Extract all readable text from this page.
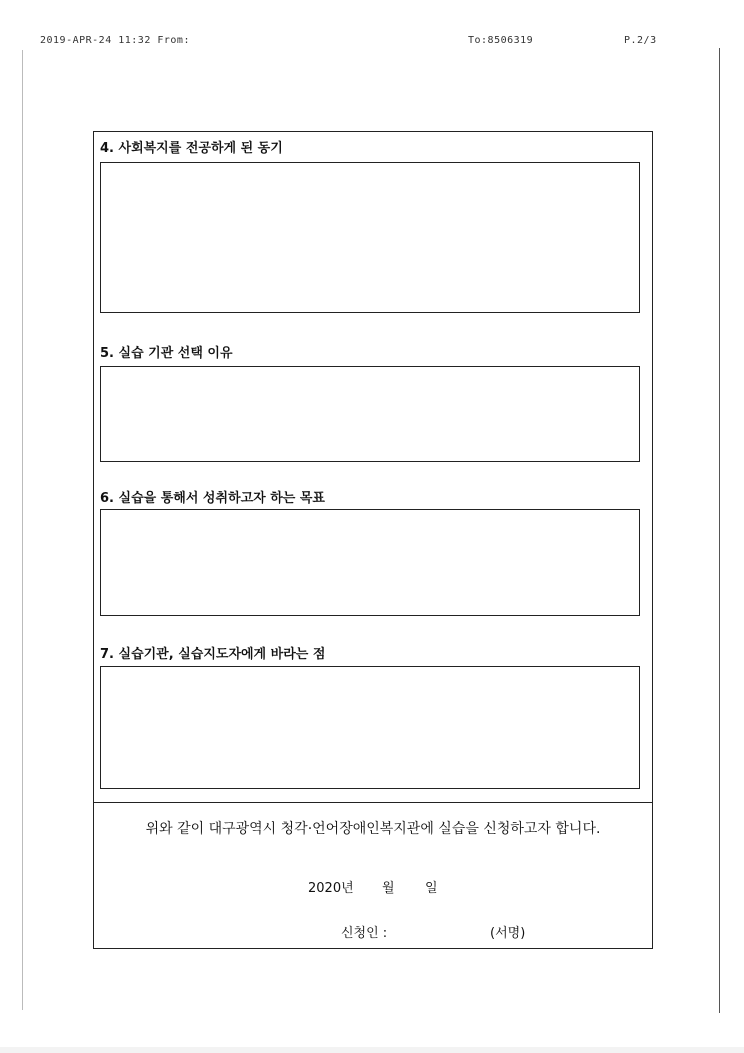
2019-APR-24 11:32 From:	To:8506319	P.2/3
4. 사회복지를 전공하게 된 동기
5. 실습 기관 선택 이유
6. 실습을 통해서 성취하고자 하는 목표
7. 실습기관, 실습지도자에게 바라는 점
위와 같이 대구광역시 청각·언어장애인복지관에 실습을 신청하고자 합니다.
2020년 월 일
신청인 :	(서명)
